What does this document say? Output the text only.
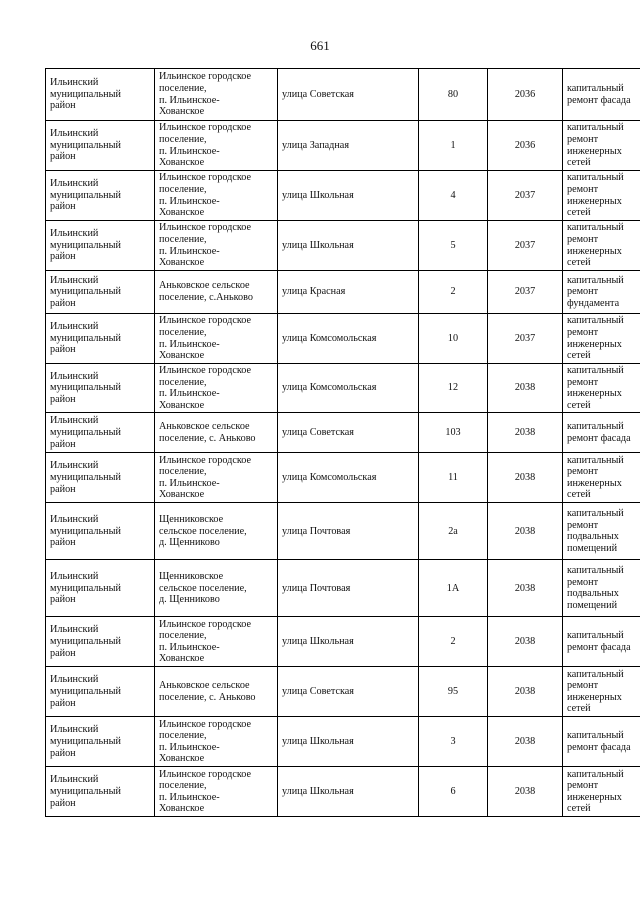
661
Ильинский
муниципальный
район	Ильинское городское
поселение,
п. Ильинское-
Хованское	улица Советская	80	2036	капитальный
ремонт фасада

Ильинский
муниципальный
район	Ильинское городское
поселение,
п. Ильинское-
Хованское	улица Западная	1	2036	капитальный
ремонт
инженерных
сетей

Ильинский
муниципальный
район	Ильинское городское
поселение,
п. Ильинское-
Хованское	улица Школьная	4	2037	капитальный
ремонт
инженерных
сетей

Ильинский
муниципальный
район	Ильинское городское
поселение,
п. Ильинское-
Хованское	улица Школьная	5	2037	капитальный
ремонт
инженерных
сетей

Ильинский
муниципальный
район	Аньковское сельское
поселение, с.Аньково	улица Красная	2	2037	капитальный
ремонт
фундамента

Ильинский
муниципальный
район	Ильинское городское
поселение,
п. Ильинское-
Хованское	улица Комсомольская	10	2037	капитальный
ремонт
инженерных
сетей

Ильинский
муниципальный
район	Ильинское городское
поселение,
п. Ильинское-
Хованское	улица Комсомольская	12	2038	капитальный
ремонт
инженерных
сетей

Ильинский
муниципальный
район	Аньковское сельское
поселение, с. Аньково	улица Советская	103	2038	капитальный
ремонт фасада

Ильинский
муниципальный
район	Ильинское городское
поселение,
п. Ильинское-
Хованское	улица Комсомольская	11	2038	капитальный
ремонт
инженерных
сетей

Ильинский
муниципальный
район	Щенниковское
сельское поселение,
д. Щенниково	улица Почтовая	2а	2038	капитальный
ремонт
подвальных
помещений

Ильинский
муниципальный
район	Щенниковское
сельское поселение,
д. Щенниково	улица Почтовая	1А	2038	капитальный
ремонт
подвальных
помещений

Ильинский
муниципальный
район	Ильинское городское
поселение,
п. Ильинское-
Хованское	улица Школьная	2	2038	капитальный
ремонт фасада

Ильинский
муниципальный
район	Аньковское сельское
поселение, с. Аньково	улица Советская	95	2038	капитальный
ремонт
инженерных
сетей

Ильинский
муниципальный
район	Ильинское городское
поселение,
п. Ильинское-
Хованское	улица Школьная	3	2038	капитальный
ремонт фасада

Ильинский
муниципальный
район	Ильинское городское
поселение,
п. Ильинское-
Хованское	улица Школьная	6	2038	капитальный
ремонт
инженерных
сетей
